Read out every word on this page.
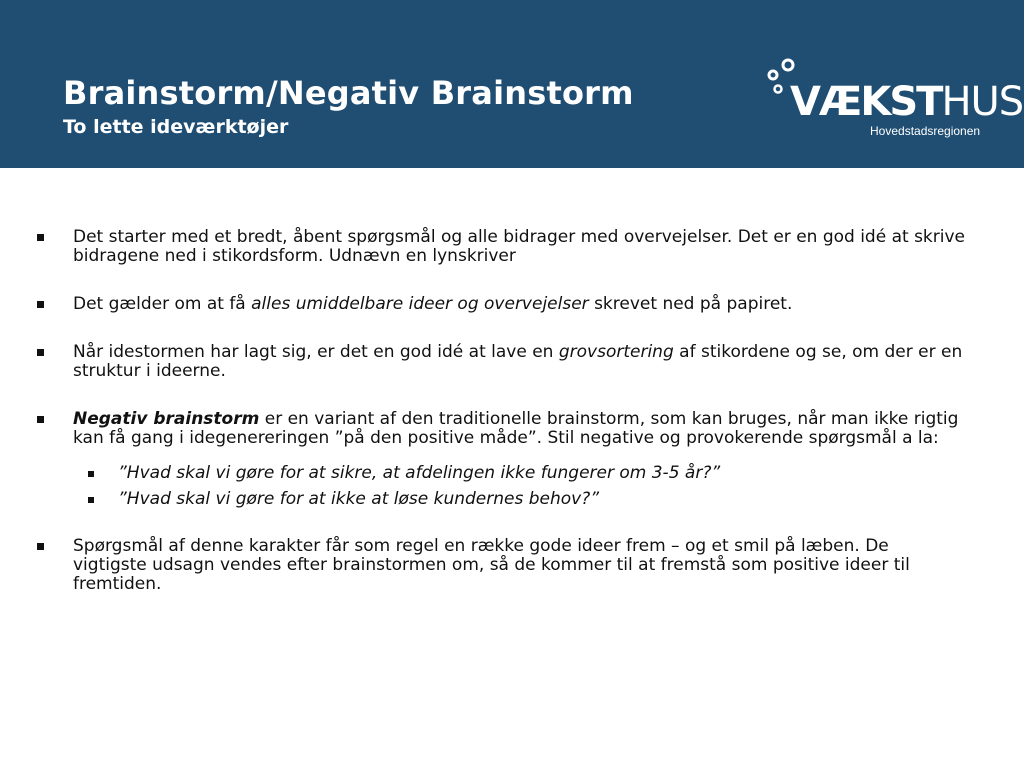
Brainstorm/Negativ Brainstorm
To lette ideværktøjer
VÆKSTHUS
Hovedstadsregionen
Det starter med et bredt, åbent spørgsmål og alle bidrager med overvejelser. Det er en god idé at skrive bidragene ned i stikordsform. Udnævn en lynskriver
Det gælder om at få alles umiddelbare ideer og overvejelser skrevet ned på papiret.
Når idestormen har lagt sig, er det en god idé at lave en grovsortering af stikordene og se, om der er en struktur i ideerne.
Negativ brainstorm er en variant af den traditionelle brainstorm, som kan bruges, når man ikke rigtig kan få gang i idegenereringen ”på den positive måde”. Stil negative og provokerende spørgsmål a la:
”Hvad skal vi gøre for at sikre, at afdelingen ikke fungerer om 3-5 år?”
”Hvad skal vi gøre for at ikke at løse kundernes behov?”
Spørgsmål af denne karakter får som regel en række gode ideer frem – og et smil på læben. De vigtigste udsagn vendes efter brainstormen om, så de kommer til at fremstå som positive ideer til fremtiden.
